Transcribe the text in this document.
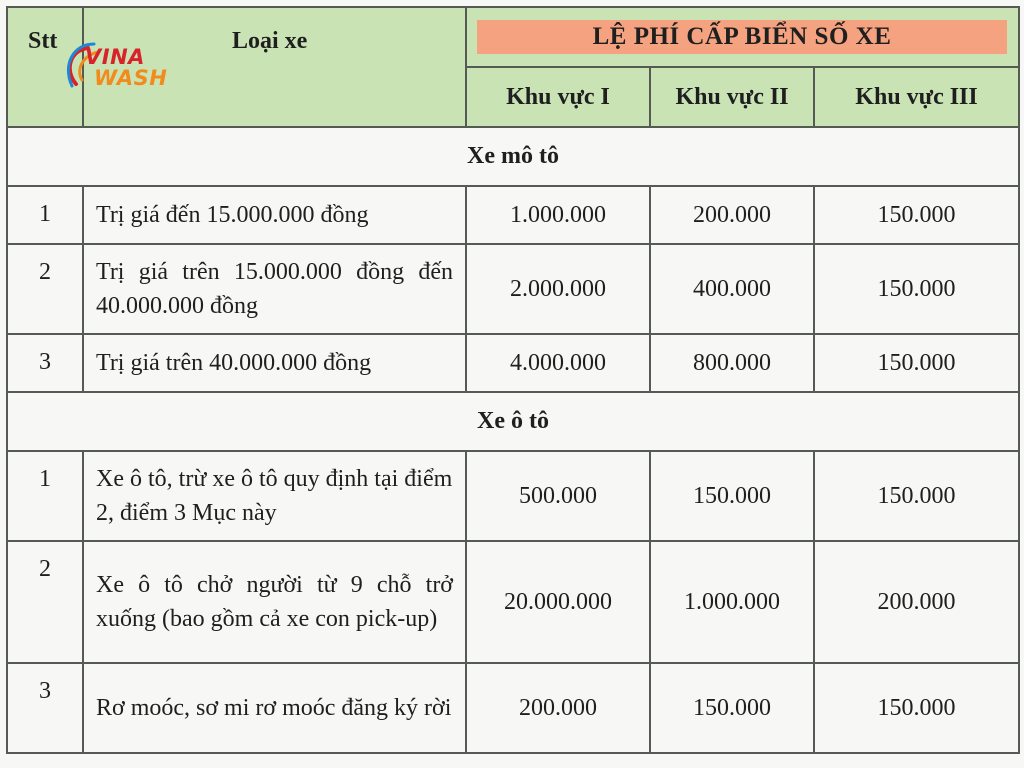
Stt	Loại xe	LỆ PHÍ CẤP BIỂN SỐ XE		

		Khu vực I	Khu vực II	Khu vực III
Xe mô tô				

1	Trị giá đến 15.000.000 đồng	1.000.000	200.000	150.000

2	Trị giá trên 15.000.000 đồng đến 40.000.000 đồng	2.000.000	400.000	150.000

3	Trị giá trên 40.000.000 đồng	4.000.000	800.000	150.000
Xe ô tô				

1	Xe ô tô, trừ xe ô tô quy định tại điểm 2, điểm 3 Mục này	500.000	150.000	150.000

2	Xe ô tô chở người từ 9 chỗ trở xuống (bao gồm cả xe con pick-up)	20.000.000	1.000.000	200.000

3	Rơ moóc, sơ mi rơ moóc đăng ký rời	200.000	150.000	150.000
VINA
WASH
